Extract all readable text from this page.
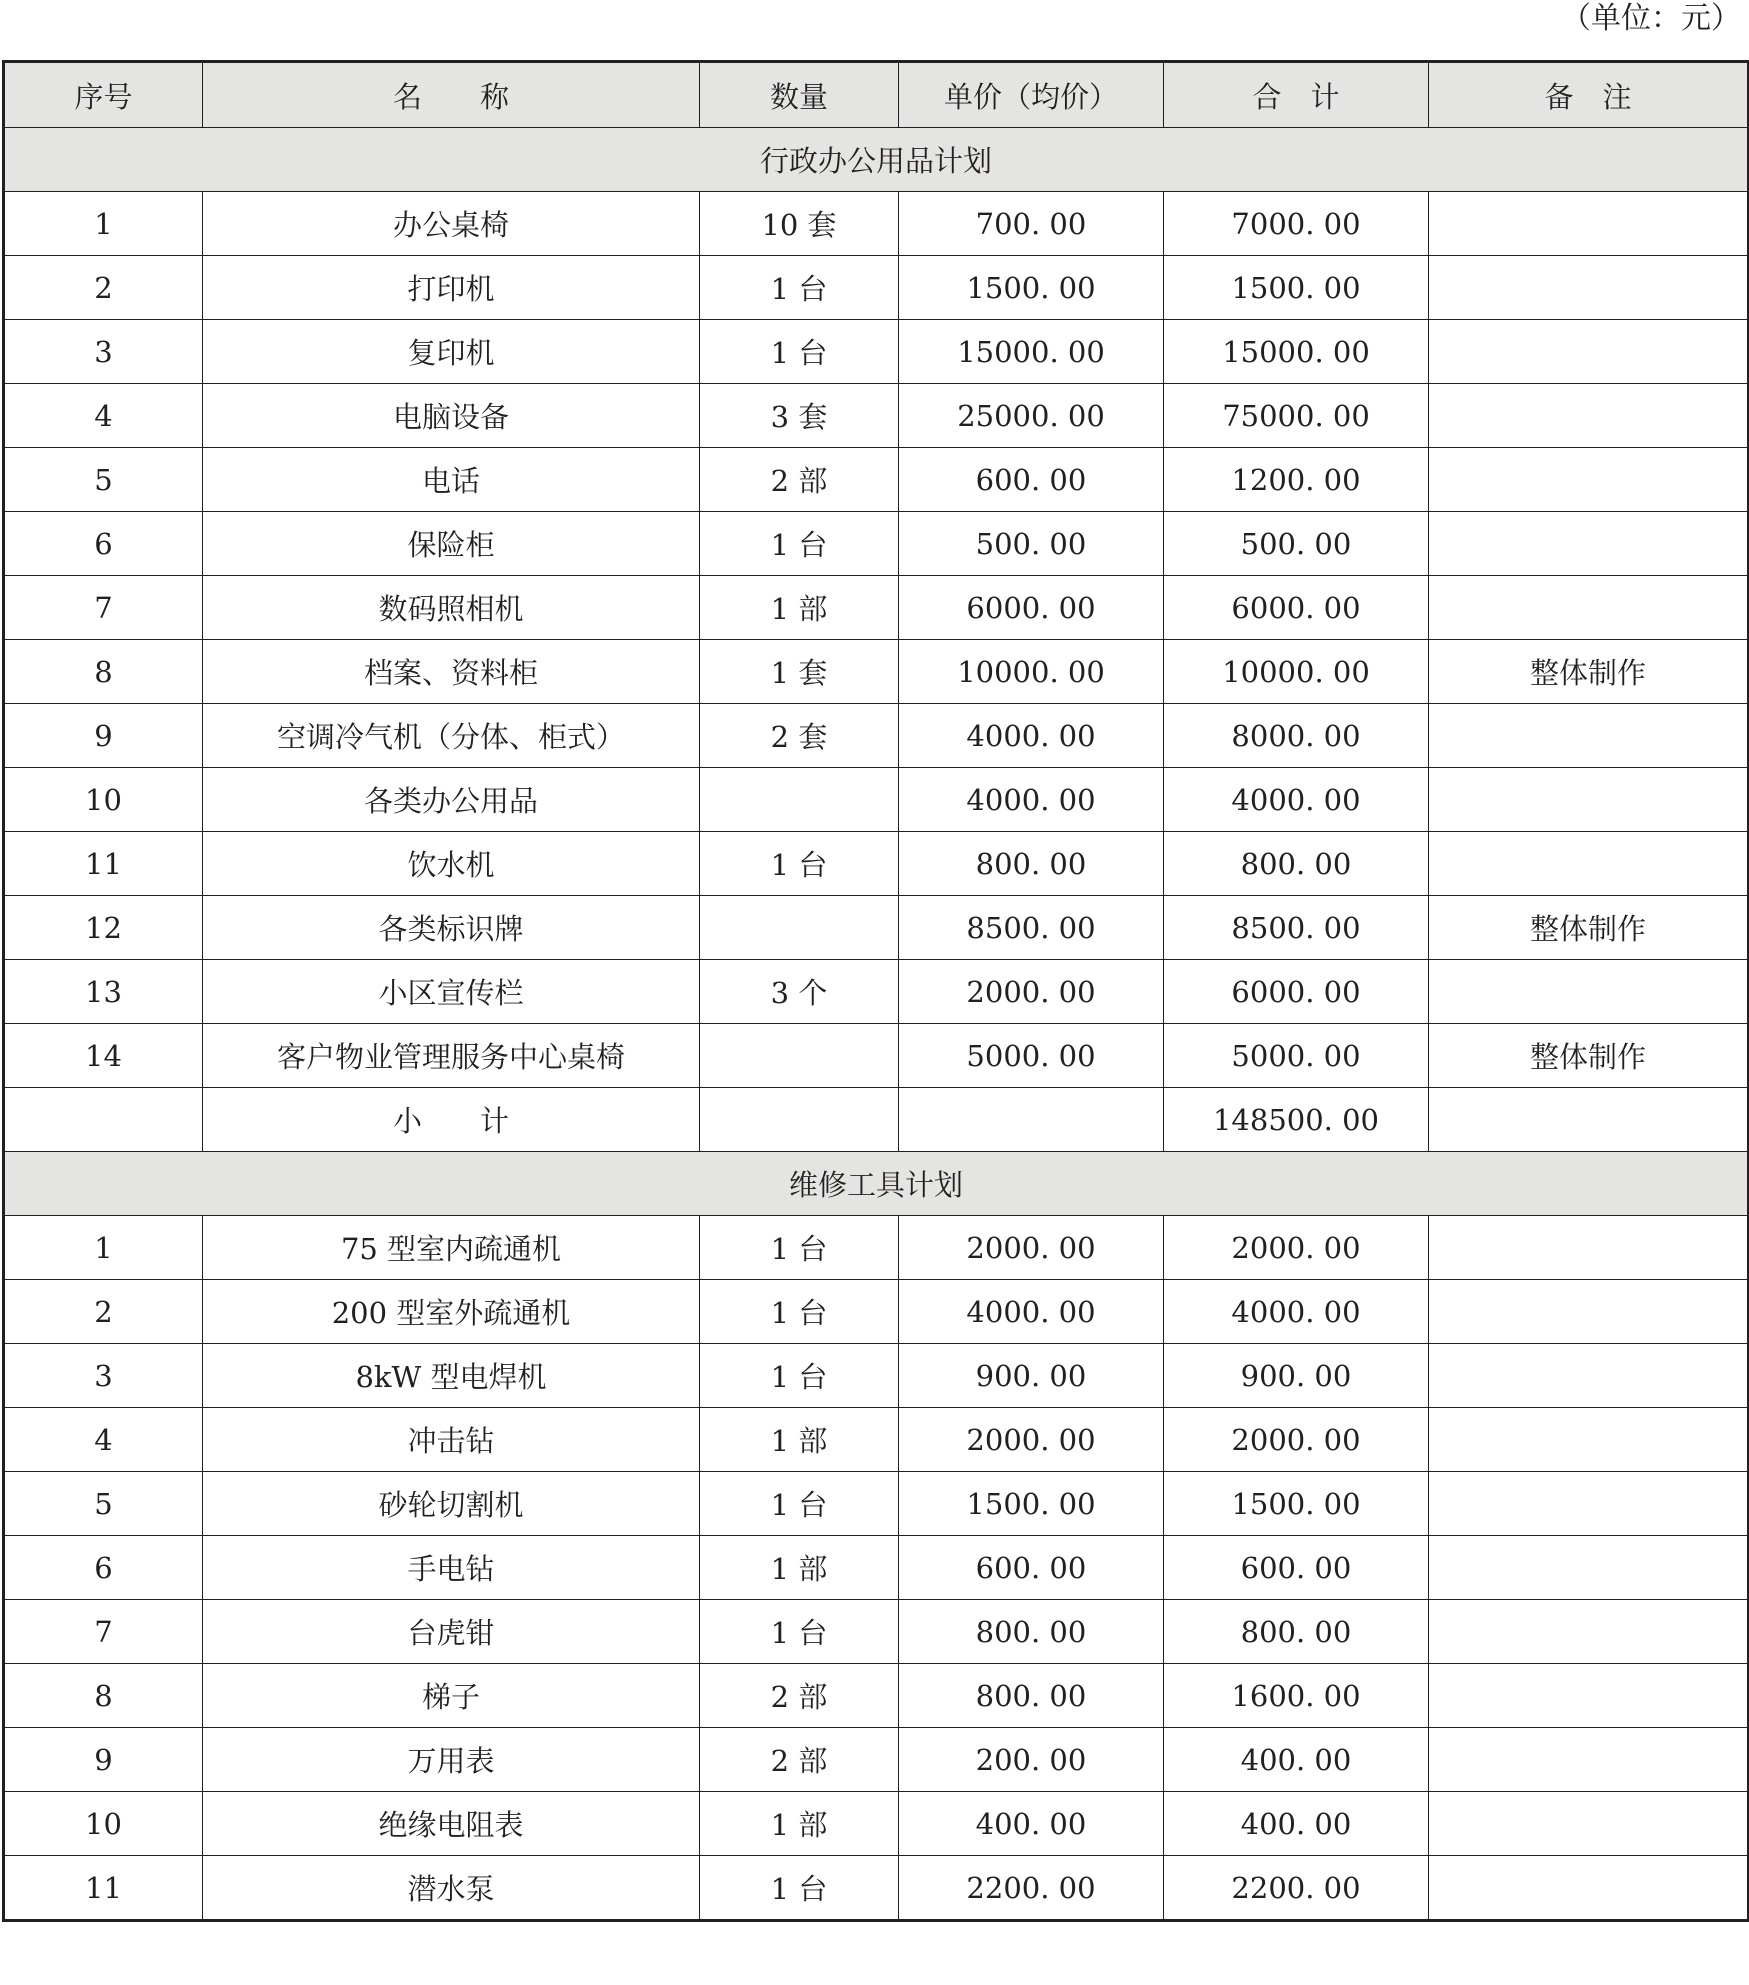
（单位：元）
序号	名　　称	数量	单价（均价）	合　计	备　注
行政办公用品计划					
1	办公桌椅	10 套	700. 00	7000. 00	
2	打印机	1 台	1500. 00	1500. 00	
3	复印机	1 台	15000. 00	15000. 00	
4	电脑设备	3 套	25000. 00	75000. 00	
5	电话	2 部	600. 00	1200. 00	
6	保险柜	1 台	500. 00	500. 00	
7	数码照相机	1 部	6000. 00	6000. 00	
8	档案、资料柜	1 套	10000. 00	10000. 00	整体制作
9	空调冷气机（分体、柜式）	2 套	4000. 00	8000. 00	
10	各类办公用品		4000. 00	4000. 00	
11	饮水机	1 台	800. 00	800. 00	
12	各类标识牌		8500. 00	8500. 00	整体制作
13	小区宣传栏	3 个	2000. 00	6000. 00	
14	客户物业管理服务中心桌椅		5000. 00	5000. 00	整体制作
	小　　计			148500. 00	
维修工具计划					
1	75 型室内疏通机	1 台	2000. 00	2000. 00	
2	200 型室外疏通机	1 台	4000. 00	4000. 00	
3	8kW 型电焊机	1 台	900. 00	900. 00	
4	冲击钻	1 部	2000. 00	2000. 00	
5	砂轮切割机	1 台	1500. 00	1500. 00	
6	手电钻	1 部	600. 00	600. 00	
7	台虎钳	1 台	800. 00	800. 00	
8	梯子	2 部	800. 00	1600. 00	
9	万用表	2 部	200. 00	400. 00	
10	绝缘电阻表	1 部	400. 00	400. 00	
11	潜水泵	1 台	2200. 00	2200. 00	
